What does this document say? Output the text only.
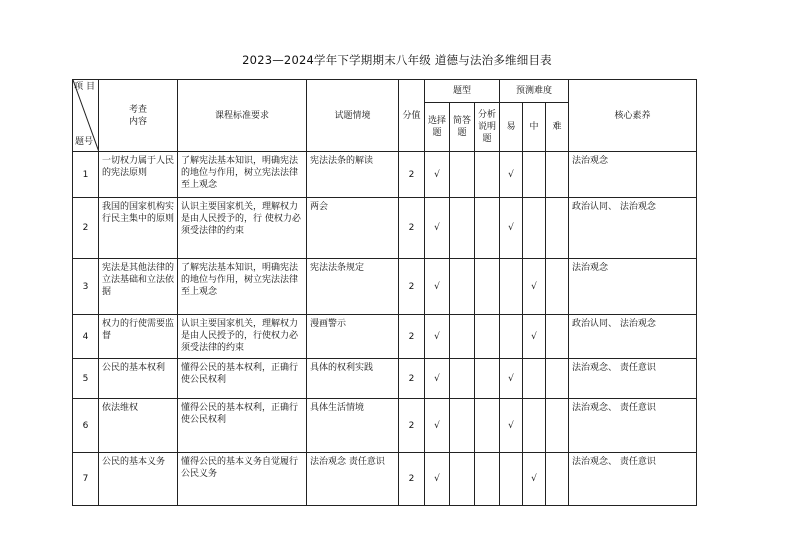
2023—2024学年下学期期末八年级 道德与法治多维细目表
项 目
题号	考查
内容	课程标准要求	试题情境	分值	题型			预测难度			核心素养
					选择题	简答题	分析说明题	易	中	难	
1	一切权力属于人民的宪法原则	了解宪法基本知识，明确宪法的地位与作用，树立宪法法律至上观念	宪法法条的解读	2	√			√			法治观念
2	我国的国家机构实行民主集中的原则	认识主要国家机关，理解权力是由人民授予的，行 使权力必须受法律的约束	两会	2	√			√			政治认同、 法治观念
3	宪法是其他法律的立法基础和立法依据	了解宪法基本知识，明确宪法的地位与作用，树立宪法法律至上观念	宪法法条规定	2	√				√		法治观念
4	权力的行使需要监督	认识主要国家机关，理解权力是由人民授予的，行使权力必须受法律的约束	漫画警示	2	√				√		政治认同、 法治观念
5	公民的基本权利	懂得公民的基本权利，正确行使公民权利	具体的权利实践	2	√			√			法治观念、 责任意识
6	依法维权	懂得公民的基本权利，正确行使公民权利	具体生活情境	2	√			√			法治观念、 责任意识
7	公民的基本义务	懂得公民的基本义务自觉履行公民义务	法治观念 责任意识	2	√				√		法治观念、 责任意识
